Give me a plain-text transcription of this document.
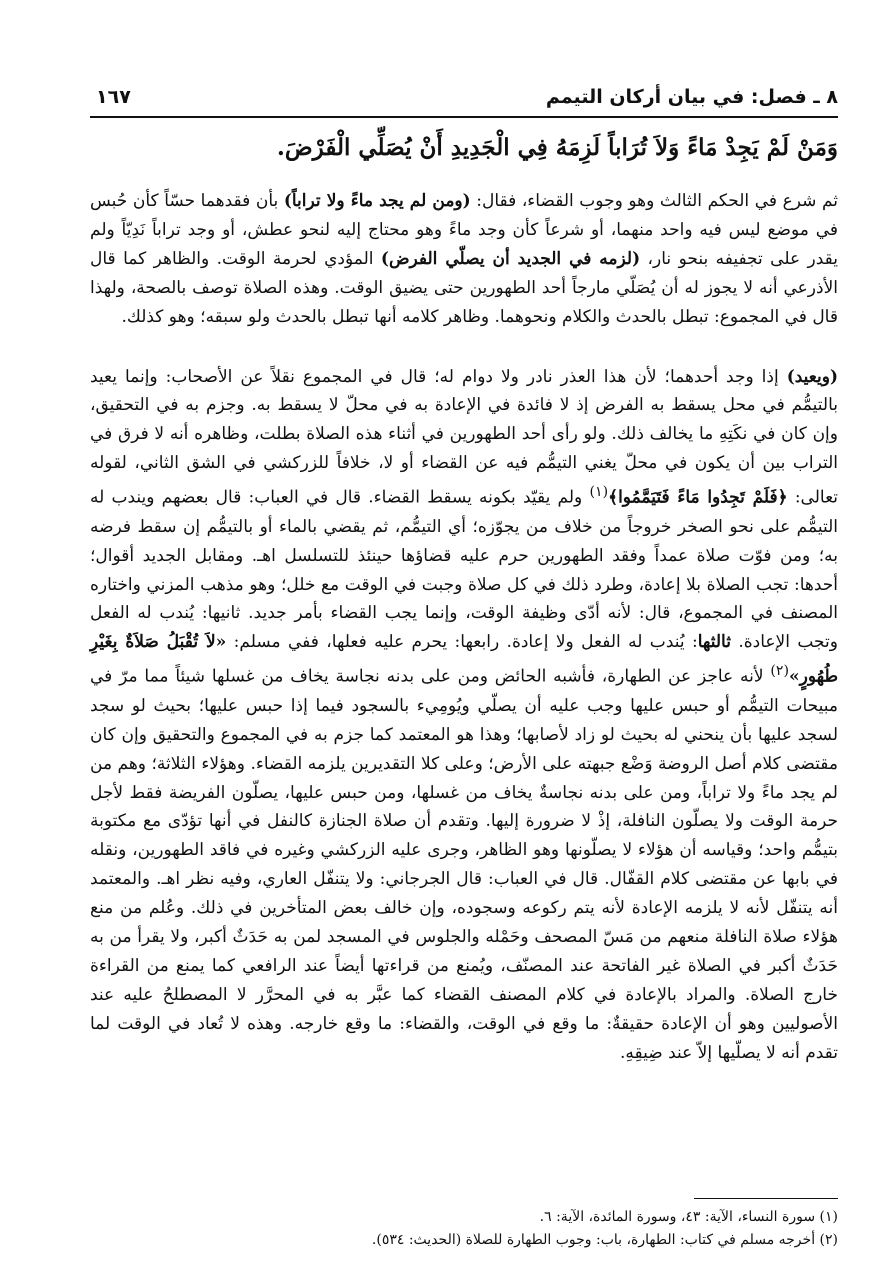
٨ ـ فصل: في بيان أركان التيمم
١٦٧
وَمَنْ لَمْ يَجِدْ مَاءً وَلاَ تُرَاباً لَزِمَهُ فِي الْجَدِيدِ أَنْ يُصَلِّي الْفَرْضَ.

ثم شرع في الحكم الثالث وهو وجوب القضاء، فقال: (ومن لم يجد ماءً ولا تراباً) بأن فقدهما حسّاً كأن حُبس في موضع ليس فيه واحد منهما، أو شرعاً كأن وجد ماءً وهو محتاج إليه لنحو عطش، أو وجد تراباً نَدِيّاً ولم يقدر على تجفيفه بنحو نار، (لزمه في الجديد أن يصلّي الفرض) المؤدي لحرمة الوقت. والظاهر كما قال الأذرعي أنه لا يجوز له أن يُصَلّي مارجاً أحد الطهورين حتى يضيق الوقت. وهذه الصلاة توصف بالصحة، ولهذا قال في المجموع: تبطل بالحدث والكلام ونحوهما. وظاهر كلامه أنها تبطل بالحدث ولو سبقه؛ وهو كذلك.

(ويعيد) إذا وجد أحدهما؛ لأن هذا العذر نادر ولا دوام له؛ قال في المجموع نقلاً عن الأصحاب: وإنما يعيد بالتيمُّم في محل يسقط به الفرض إذ لا فائدة في الإعادة به في محلّ لا يسقط به. وجزم به في التحقيق، وإن كان في نكَتِهِ ما يخالف ذلك. ولو رأى أحد الطهورين في أثناء هذه الصلاة بطلت، وظاهره أنه لا فرق في التراب بين أن يكون في محلّ يغني التيمُّم فيه عن القضاء أو لا، خلافاً للزركشي في الشق الثاني، لقوله تعالى: ﴿فَلَمْ تَجِدُوا مَاءً فَتَيَمَّمُوا﴾$^{(١)}$ ولم يقيّد بكونه يسقط القضاء. قال في العباب: قال بعضهم ويندب له التيمُّم على نحو الصخر خروجاً من خلاف من يجوّزه؛ أي التيمُّم، ثم يقضي بالماء أو بالتيمُّم إن سقط فرضه به؛ ومن فوّت صلاة عمداً وفقد الطهورين حرم عليه قضاؤها حينئذ للتسلسل اهـ. ومقابل الجديد أقوال؛ أحدها: تجب الصلاة بلا إعادة، وطرد ذلك في كل صلاة وجبت في الوقت مع خلل؛ وهو مذهب المزني واختاره المصنف في المجموع، قال: لأنه أدّى وظيفة الوقت، وإنما يجب القضاء بأمر جديد. ثانيها: يُندب له الفعل وتجب الإعادة. ثالثها: يُندب له الفعل ولا إعادة. رابعها: يحرم عليه فعلها، ففي مسلم: «لاَ تُقْبَلُ صَلاَةٌ بِغَيْرِ طُهُورٍ»$^{(٢)}$ لأنه عاجز عن الطهارة، فأشبه الحائض ومن على بدنه نجاسة يخاف من غسلها شيئاً مما مرّ في مبيحات التيمُّم أو حبس عليها وجب عليه أن يصلّي ويُومِيء بالسجود فيما إذا حبس عليها؛ بحيث لو سجد لسجد عليها بأن ينحني له بحيث لو زاد لأصابها؛ وهذا هو المعتمد كما جزم به في المجموع والتحقيق وإن كان مقتضى كلام أصل الروضة وَضْع جبهته على الأرض؛ وعلى كلا التقديرين يلزمه القضاء. وهؤلاء الثلاثة؛ وهم من لم يجد ماءً ولا تراباً، ومن على بدنه نجاسةٌ يخاف من غسلها، ومن حبس عليها، يصلّون الفريضة فقط لأجل حرمة الوقت ولا يصلّون النافلة، إذْ لا ضرورة إليها. وتقدم أن صلاة الجنازة كالنفل في أنها تؤدّى مع مكتوبة بتيمُّم واحد؛ وقياسه أن هؤلاء لا يصلّونها وهو الظاهر، وجرى عليه الزركشي وغيره في فاقد الطهورين، ونقله في بابها عن مقتضى كلام القفّال. قال في العباب: قال الجرجاني: ولا يتنفّل العاري، وفيه نظر اهـ. والمعتمد أنه يتنفّل لأنه لا يلزمه الإعادة لأنه يتم ركوعه وسجوده، وإن خالف بعض المتأخرين في ذلك. وعُلم من منع هؤلاء صلاة النافلة منعهم من مَسّ المصحف وحَمْله والجلوس في المسجد لمن به حَدَثٌ أكبر، ولا يقرأ من به حَدَثٌ أكبر في الصلاة غير الفاتحة عند المصنّف، ويُمنع من قراءتها أيضاً عند الرافعي كما يمنع من القراءة خارج الصلاة. والمراد بالإعادة في كلام المصنف القضاء كما عبَّر به في المحرَّر لا المصطلحُ عليه عند الأصوليين وهو أن الإعادة حقيقةٌ: ما وقع في الوقت، والقضاء: ما وقع خارجه. وهذه لا تُعاد في الوقت لما تقدم أنه لا يصلّيها إلاّ عند ضِيقِهِ.

(١) سورة النساء، الآية: ٤٣، وسورة المائدة، الآية: ٦.
(٢) أخرجه مسلم في كتاب: الطهارة، باب: وجوب الطهارة للصلاة (الحديث: ٥٣٤).
